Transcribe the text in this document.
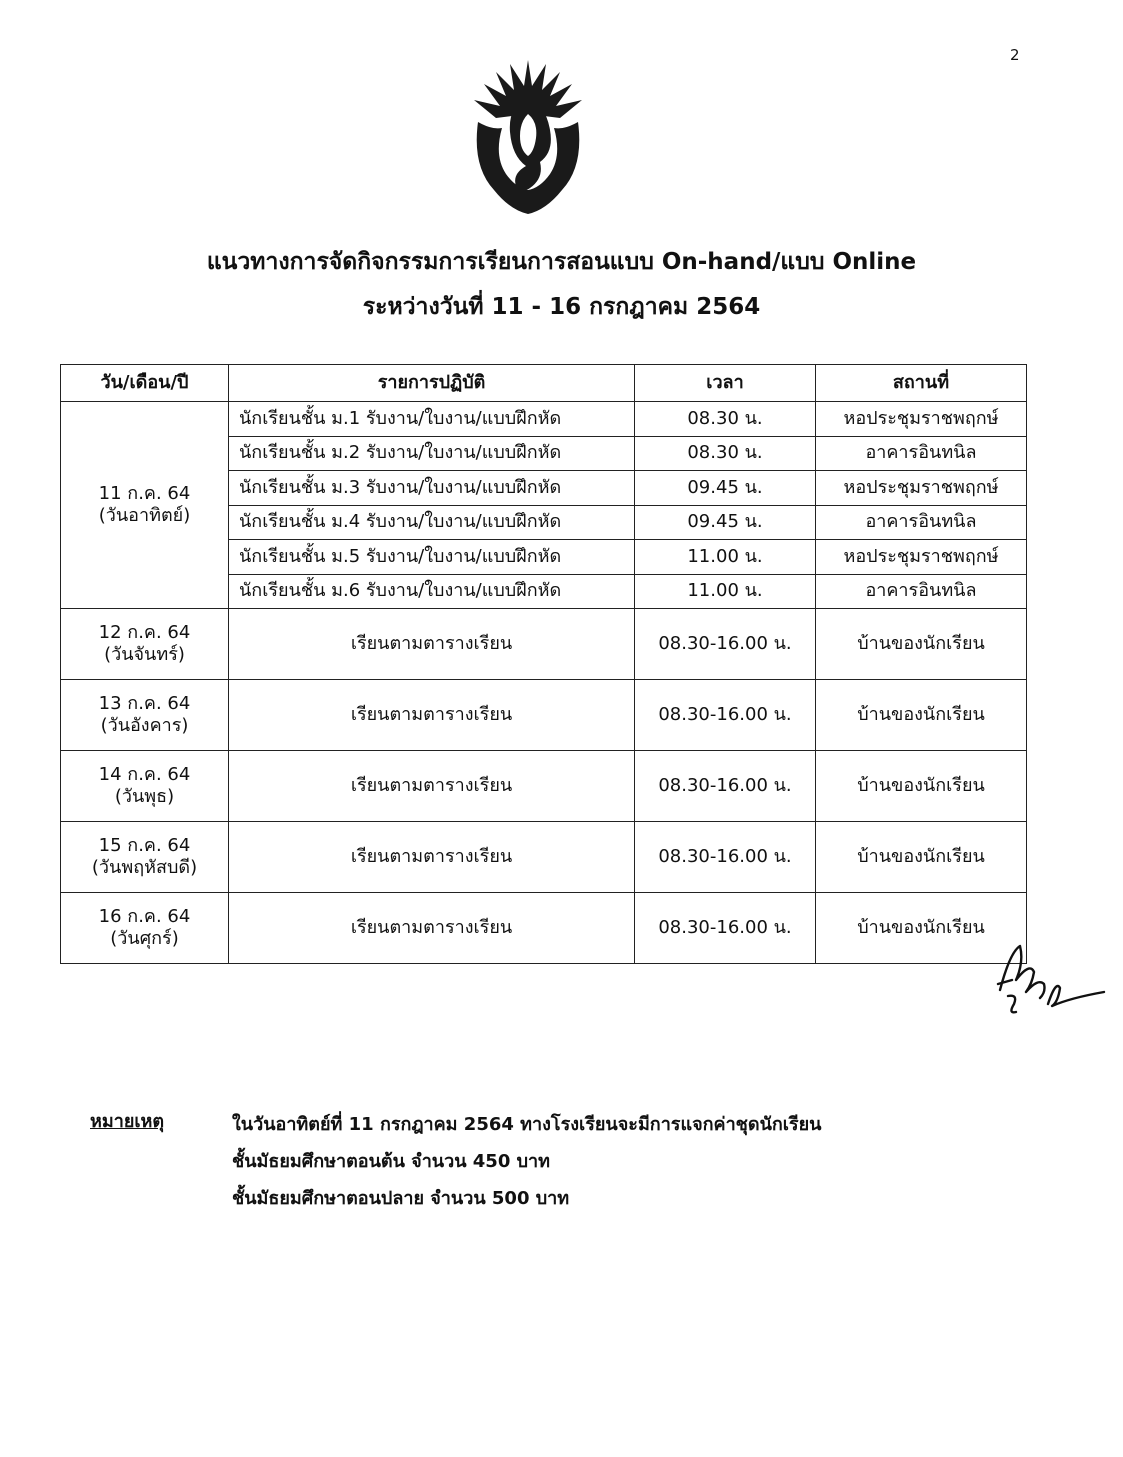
2
แนวทางการจัดกิจกรรมการเรียนการสอนแบบ On-hand/แบบ Online
ระหว่างวันที่ 11 - 16 กรกฎาคม 2564
วัน/เดือน/ปี	รายการปฏิบัติ	เวลา	สถานที่

11 ก.ค. 64
(วันอาทิตย์)	นักเรียนชั้น ม.1 รับงาน/ใบงาน/แบบฝึกหัด	08.30 น.	หอประชุมราชพฤกษ์
	นักเรียนชั้น ม.2 รับงาน/ใบงาน/แบบฝึกหัด	08.30 น.	อาคารอินทนิล
	นักเรียนชั้น ม.3 รับงาน/ใบงาน/แบบฝึกหัด	09.45 น.	หอประชุมราชพฤกษ์
	นักเรียนชั้น ม.4 รับงาน/ใบงาน/แบบฝึกหัด	09.45 น.	อาคารอินทนิล
	นักเรียนชั้น ม.5 รับงาน/ใบงาน/แบบฝึกหัด	11.00 น.	หอประชุมราชพฤกษ์
	นักเรียนชั้น ม.6 รับงาน/ใบงาน/แบบฝึกหัด	11.00 น.	อาคารอินทนิล

12 ก.ค. 64
(วันจันทร์)	เรียนตามตารางเรียน	08.30-16.00 น.	บ้านของนักเรียน

13 ก.ค. 64
(วันอังคาร)	เรียนตามตารางเรียน	08.30-16.00 น.	บ้านของนักเรียน

14 ก.ค. 64
(วันพุธ)	เรียนตามตารางเรียน	08.30-16.00 น.	บ้านของนักเรียน

15 ก.ค. 64
(วันพฤหัสบดี)	เรียนตามตารางเรียน	08.30-16.00 น.	บ้านของนักเรียน

16 ก.ค. 64
(วันศุกร์)	เรียนตามตารางเรียน	08.30-16.00 น.	บ้านของนักเรียน
หมายเหตุ	ในวันอาทิตย์ที่ 11 กรกฎาคม 2564 ทางโรงเรียนจะมีการแจกค่าชุดนักเรียน
ชั้นมัธยมศึกษาตอนต้น จำนวน 450 บาท
ชั้นมัธยมศึกษาตอนปลาย จำนวน 500 บาท
